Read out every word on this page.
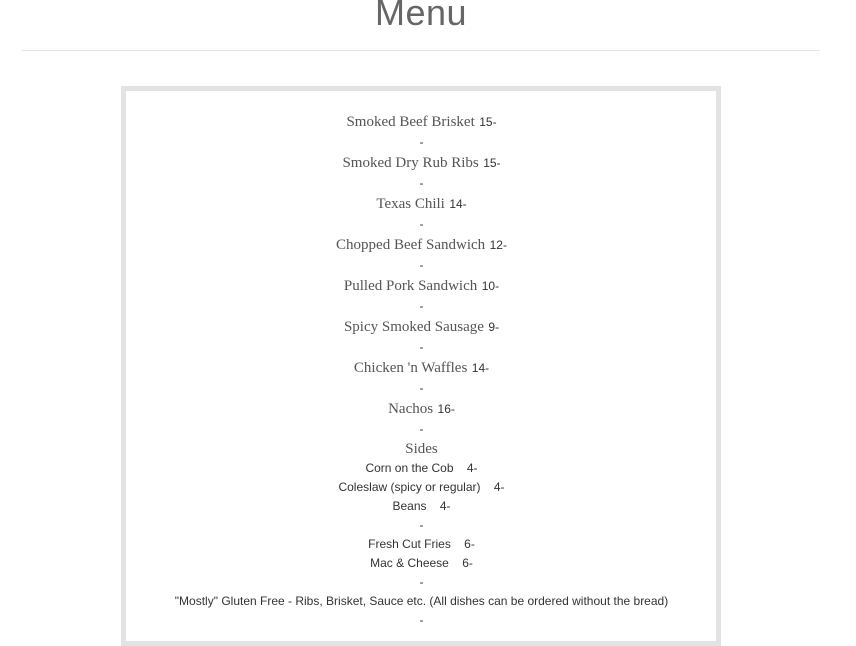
Menu
Smoked Beef Brisket 15-
-
Smoked Dry Rub Ribs 15-
-
Texas Chili 14-
-
Chopped Beef Sandwich 12-
-
Pulled Pork Sandwich 10-
-
Spicy Smoked Sausage 9-
-
Chicken 'n Waffles 14-
-
Nachos 16-
-
Sides
Corn on the Cob 4-
Coleslaw (spicy or regular) 4-
Beans 4-
-
Fresh Cut Fries 6-
Mac & Cheese 6-
-
"Mostly" Gluten Free - Ribs, Brisket, Sauce etc. (All dishes can be ordered without the bread)
-
